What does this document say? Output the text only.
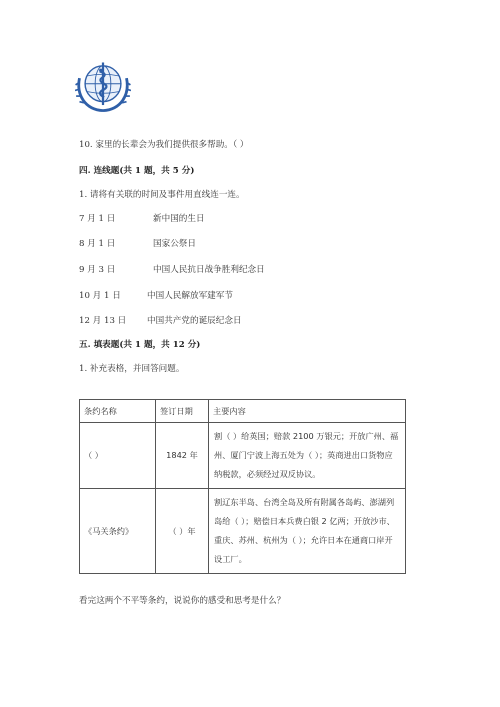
10. 家里的长辈会为我们提供很多帮助。（ ）
四. 连线题(共 1 题，共 5 分)
1. 请将有关联的时间及事件用直线连一连。
7 月 1 日	新中国的生日
8 月 1 日	国家公祭日
9 月 3 日	中国人民抗日战争胜利纪念日
10 月 1 日	中国人民解放军建军节
12 月 13 日 中国共产党的诞辰纪念日
五. 填表题(共 1 题，共 12 分)
1. 补充表格，并回答问题。
条约名称	签订日期	主要内容
（ ）	1842 年	割（ ）给英国；赔款 2100 万银元；开放广州、福州、厦门宁波上海五处为（ ）；英商进出口货物应纳税款，必须经过双反协议。
《马关条约》	（ ）年	割辽东半岛、台湾全岛及所有附属各岛屿、澎湖列岛给（ ）；赔偿日本兵费白银 2 亿两；开放沙市、重庆、苏州、杭州为（ ）；允许日本在通商口岸开设工厂。
看完这两个不平等条约，说说你的感受和思考是什么？
